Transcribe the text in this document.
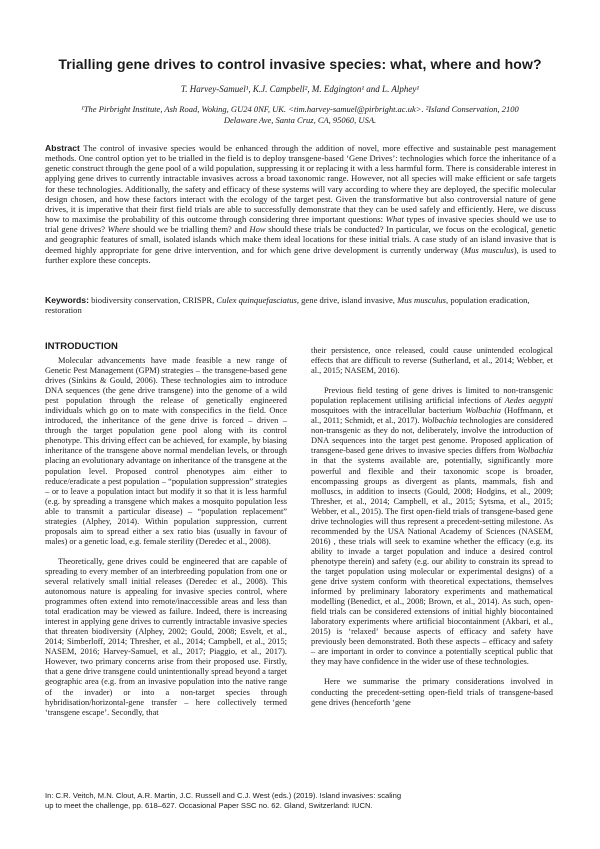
Trialling gene drives to control invasive species: what, where and how?
T. Harvey-Samuel¹, K.J. Campbell², M. Edgington¹ and L. Alphey¹
¹The Pirbright Institute, Ash Road, Woking, GU24 0NF, UK. <tim.harvey-samuel@pirbright.ac.uk>. ²Island Conservation, 2100 Delaware Ave, Santa Cruz, CA, 95060, USA.

Abstract The control of invasive species would be enhanced through the addition of novel, more effective and sustainable pest management methods. One control option yet to be trialled in the field is to deploy transgene-based ‘Gene Drives’: technologies which force the inheritance of a genetic construct through the gene pool of a wild population, suppressing it or replacing it with a less harmful form. There is considerable interest in applying gene drives to currently intractable invasives across a broad taxonomic range. However, not all species will make efficient or safe targets for these technologies. Additionally, the safety and efficacy of these systems will vary according to where they are deployed, the specific molecular design chosen, and how these factors interact with the ecology of the target pest. Given the transformative but also controversial nature of gene drives, it is imperative that their first field trials are able to successfully demonstrate that they can be used safely and efficiently. Here, we discuss how to maximise the probability of this outcome through considering three important questions: What types of invasive species should we use to trial gene drives? Where should we be trialling them? and How should these trials be conducted? In particular, we focus on the ecological, genetic and geographic features of small, isolated islands which make them ideal locations for these initial trials. A case study of an island invasive that is deemed highly appropriate for gene drive intervention, and for which gene drive development is currently underway (Mus musculus), is used to further explore these concepts.

Keywords: biodiversity conservation, CRISPR, Culex quinquefasciatus, gene drive, island invasive, Mus musculus, population eradication, restoration

INTRODUCTION

Molecular advancements have made feasible a new range of Genetic Pest Management (GPM) strategies – the transgene-based gene drives (Sinkins & Gould, 2006). These technologies aim to introduce DNA sequences (the gene drive transgene) into the genome of a wild pest population through the release of genetically engineered individuals which go on to mate with conspecifics in the field. Once introduced, the inheritance of the gene drive is forced – driven – through the target population gene pool along with its control phenotype. This driving effect can be achieved, for example, by biasing inheritance of the transgene above normal mendelian levels, or through placing an evolutionary advantage on inheritance of the transgene at the population level. Proposed control phenotypes aim either to reduce/eradicate a pest population – “population suppression” strategies – or to leave a population intact but modify it so that it is less harmful (e.g. by spreading a transgene which makes a mosquito population less able to transmit a particular disease) – “population replacement” strategies (Alphey, 2014). Within population suppression, current proposals aim to spread either a sex ratio bias (usually in favour of males) or a genetic load, e.g. female sterility (Deredec et al., 2008).

Theoretically, gene drives could be engineered that are capable of spreading to every member of an interbreeding population from one or several relatively small initial releases (Deredec et al., 2008). This autonomous nature is appealing for invasive species control, where programmes often extend into remote/inaccessible areas and less than total eradication may be viewed as failure. Indeed, there is increasing interest in applying gene drives to currently intractable invasive species that threaten biodiversity (Alphey, 2002; Gould, 2008; Esvelt, et al., 2014; Simberloff, 2014; Thresher, et al., 2014; Campbell, et al., 2015; NASEM, 2016; Harvey-Samuel, et al., 2017; Piaggio, et al., 2017). However, two primary concerns arise from their proposed use. Firstly, that a gene drive transgene could unintentionally spread beyond a target geographic area (e.g. from an invasive population into the native range of the invader) or into a non-target species through hybridisation/horizontal-gene transfer – here collectively termed ‘transgene escape’. Secondly, that

their persistence, once released, could cause unintended ecological effects that are difficult to reverse (Sutherland, et al., 2014; Webber, et al., 2015; NASEM, 2016).

Previous field testing of gene drives is limited to non-transgenic population replacement utilising artificial infections of Aedes aegypti mosquitoes with the intracellular bacterium Wolbachia (Hoffmann, et al., 2011; Schmidt, et al., 2017). Wolbachia technologies are considered non-transgenic as they do not, deliberately, involve the introduction of DNA sequences into the target pest genome. Proposed application of transgene-based gene drives to invasive species differs from Wolbachia in that the systems available are, potentially, significantly more powerful and flexible and their taxonomic scope is broader, encompassing groups as divergent as plants, mammals, fish and molluscs, in addition to insects (Gould, 2008; Hodgins, et al., 2009; Thresher, et al., 2014; Campbell, et al., 2015; Sytsma, et al., 2015; Webber, et al., 2015). The first open-field trials of transgene-based gene drive technologies will thus represent a precedent-setting milestone. As recommended by the USA National Academy of Sciences (NASEM, 2016) , these trials will seek to examine whether the efficacy (e.g. its ability to invade a target population and induce a desired control phenotype therein) and safety (e.g. our ability to constrain its spread to the target population using molecular or experimental designs) of a gene drive system conform with theoretical expectations, themselves informed by preliminary laboratory experiments and mathematical modelling (Benedict, et al., 2008; Brown, et al., 2014). As such, open-field trials can be considered extensions of initial highly biocontained laboratory experiments where artificial biocontainment (Akbari, et al., 2015) is ‘relaxed’ because aspects of efficacy and safety have previously been demonstrated. Both these aspects – efficacy and safety – are important in order to convince a potentially sceptical public that they may have confidence in the wider use of these technologies.

Here we summarise the primary considerations involved in conducting the precedent-setting open-field trials of transgene-based gene drives (henceforth ‘gene

In: C.R. Veitch, M.N. Clout, A.R. Martin, J.C. Russell and C.J. West (eds.) (2019). Island invasives: scaling
up to meet the challenge, pp. 618–627. Occasional Paper SSC no. 62. Gland, Switzerland: IUCN.
